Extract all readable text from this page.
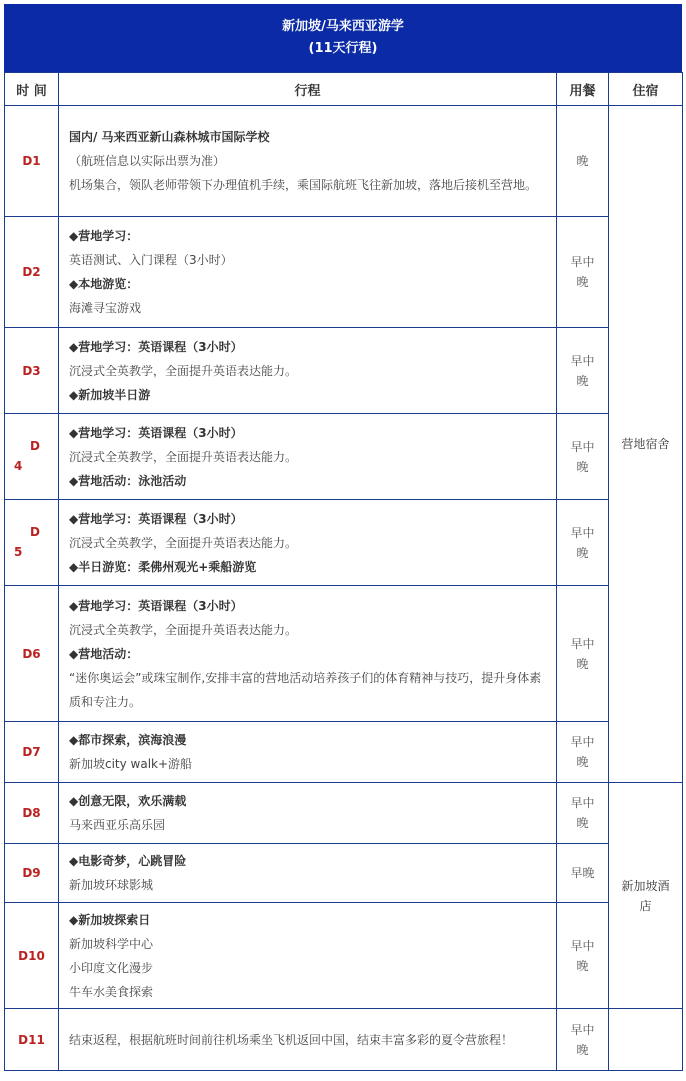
新加坡/马来西亚游学
(11天行程)
时 间	行程	用餐	住宿
D1	国内/ 马来西亚新山森林城市国际学校
（航班信息以实际出票为准）
机场集合，领队老师带领下办理值机手续，乘国际航班飞往新加坡，落地后接机至营地。	晚	营地宿舍
D2	◆营地学习：
英语测试、入门课程（3小时）
◆本地游览：
海滩寻宝游戏	早中晚	
D3	◆营地学习：英语课程（3小时）
沉浸式全英教学，全面提升英语表达能力。
◆新加坡半日游	早中晚	

D
4	◆营地学习：英语课程（3小时）
沉浸式全英教学，全面提升英语表达能力。
◆营地活动：泳池活动	早中晚	

D
5	◆营地学习：英语课程（3小时）
沉浸式全英教学，全面提升英语表达能力。
◆半日游览：柔佛州观光+乘船游览	早中晚	
D6	◆营地学习：英语课程（3小时）
沉浸式全英教学，全面提升英语表达能力。
◆营地活动：
“迷你奥运会”或珠宝制作,安排丰富的营地活动培养孩子们的体育精神与技巧，提升身体素质和专注力。	早中晚	
D7	◆都市探索，滨海浪漫
新加坡city walk+游船	早中晚	
D8	◆创意无限，欢乐满载
马来西亚乐高乐园	早中晚	新加坡酒店
D9	◆电影奇梦，心跳冒险
新加坡环球影城	早晚	
D10	◆新加坡探索日
新加坡科学中心
小印度文化漫步
牛车水美食探索	早中晚	
D11	结束返程，根据航班时间前往机场乘坐飞机返回中国，结束丰富多彩的夏令营旅程！	早中晚	
